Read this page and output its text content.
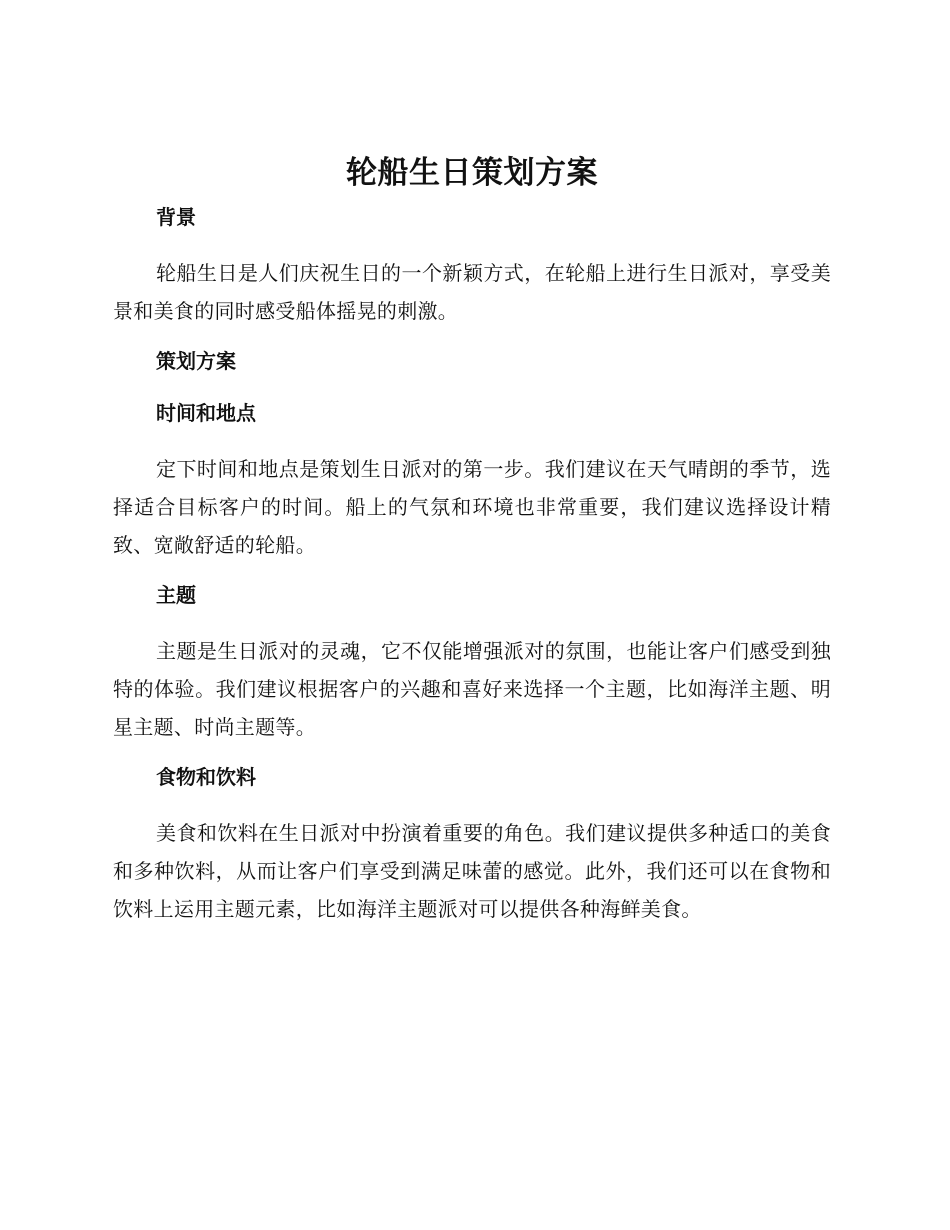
轮船生日策划方案
背景

轮船生日是人们庆祝生日的一个新颖方式，在轮船上进行生日派对，享受美景和美食的同时感受船体摇晃的刺激。

策划方案
时间和地点

定下时间和地点是策划生日派对的第一步。我们建议在天气晴朗的季节，选择适合目标客户的时间。船上的气氛和环境也非常重要，我们建议选择设计精致、宽敞舒适的轮船。

主题

主题是生日派对的灵魂，它不仅能增强派对的氛围，也能让客户们感受到独特的体验。我们建议根据客户的兴趣和喜好来选择一个主题，比如海洋主题、明星主题、时尚主题等。

食物和饮料

美食和饮料在生日派对中扮演着重要的角色。我们建议提供多种适口的美食和多种饮料，从而让客户们享受到满足味蕾的感觉。此外，我们还可以在食物和饮料上运用主题元素，比如海洋主题派对可以提供各种海鲜美食。
